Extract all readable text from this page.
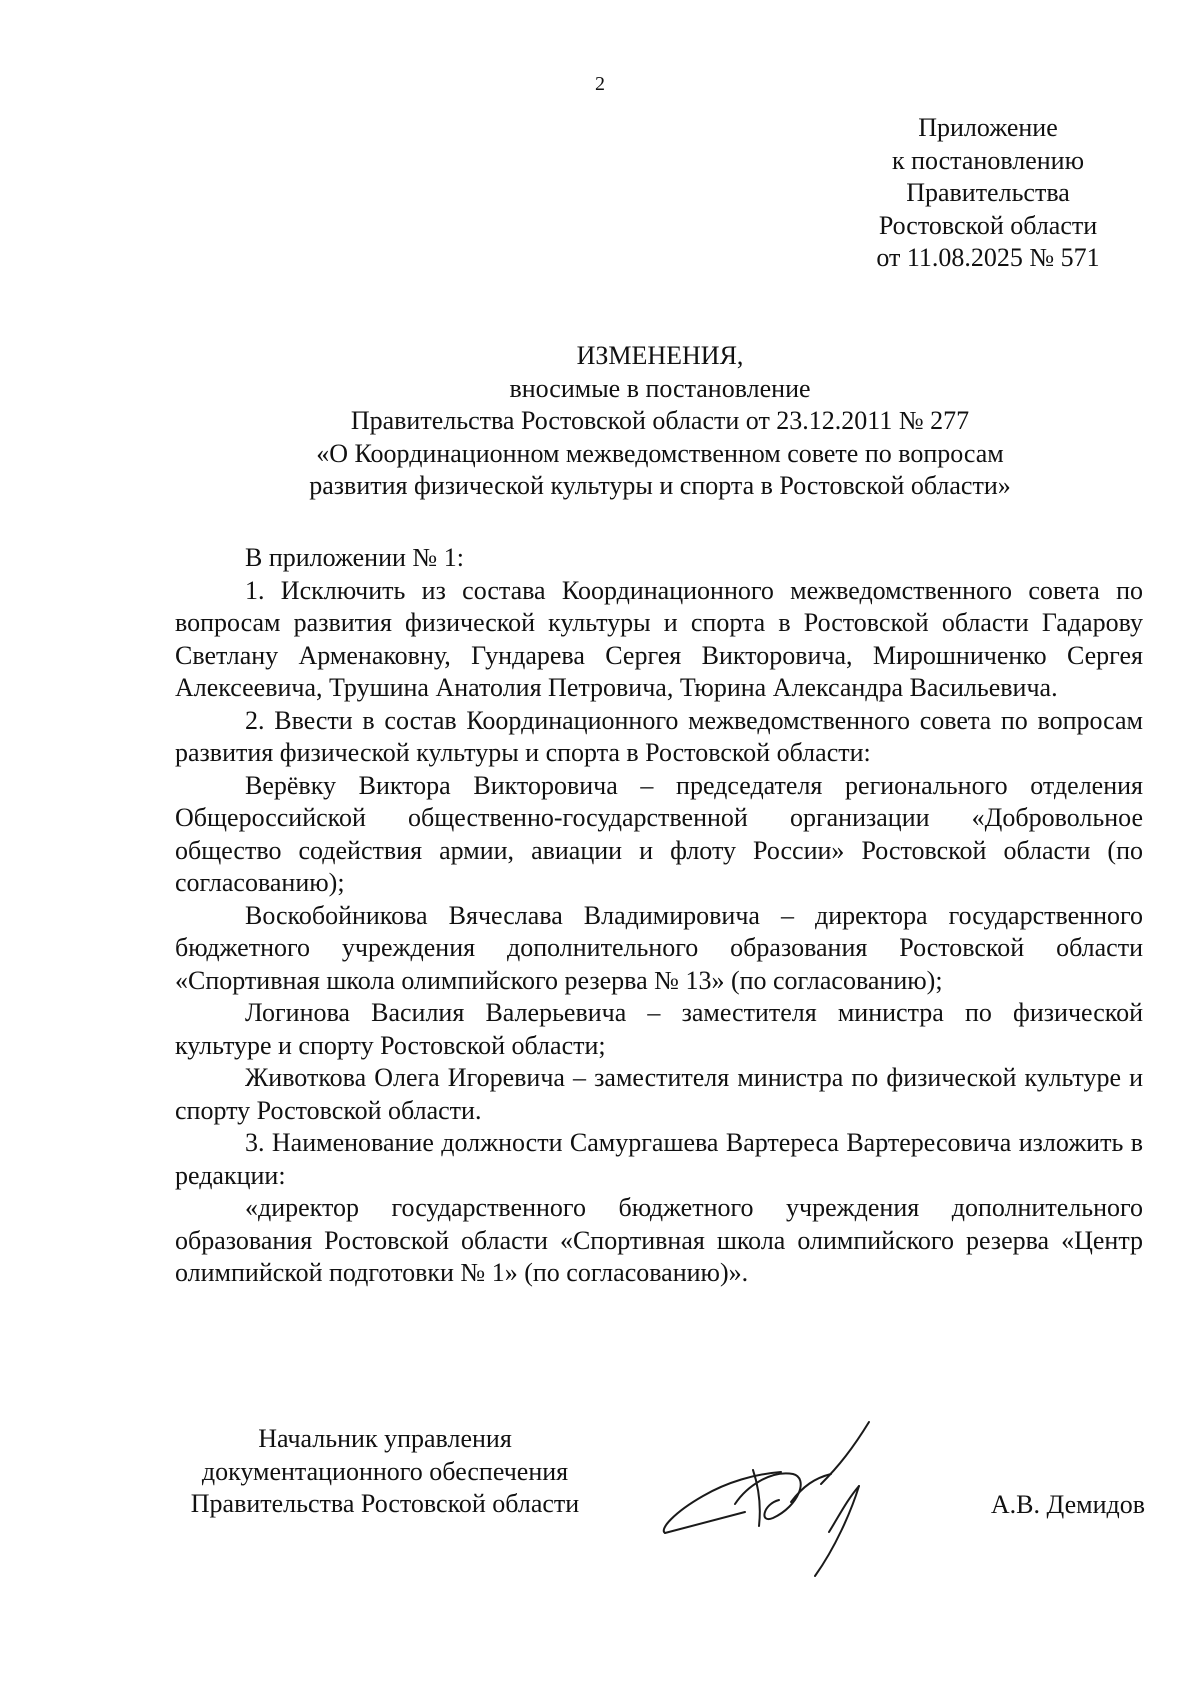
2
Приложение
к постановлению
Правительства
Ростовской области
от 11.08.2025 № 571
ИЗМЕНЕНИЯ,
вносимые в постановление
Правительства Ростовской области от 23.12.2011 № 277
«О Координационном межведомственном совете по вопросам
развития физической культуры и спорта в Ростовской области»

В приложении № 1:

1. Исключить из состава Координационного межведомственного совета по вопросам развития физической культуры и спорта в Ростовской области Гадарову Светлану Арменаковну, Гундарева Сергея Викторовича, Мирошниченко Сергея Алексеевича, Трушина Анатолия Петровича, Тюрина Александра Васильевича.

2. Ввести в состав Координационного межведомственного совета по вопросам развития физической культуры и спорта в Ростовской области:

Верёвку Виктора Викторовича – председателя регионального отделения Общероссийской общественно-государственной организации «Добровольное общество содействия армии, авиации и флоту России» Ростовской области (по согласованию);

Воскобойникова Вячеслава Владимировича – директора государственного бюджетного учреждения дополнительного образования Ростовской области «Спортивная школа олимпийского резерва № 13» (по согласованию);

Логинова Василия Валерьевича – заместителя министра по физической культуре и спорту Ростовской области;

Животкова Олега Игоревича – заместителя министра по физической культуре и спорту Ростовской области.

3. Наименование должности Самургашева Вартереса Вартересовича изложить в редакции:

«директор государственного бюджетного учреждения дополнительного образования Ростовской области «Спортивная школа олимпийского резерва «Центр олимпийской подготовки № 1» (по согласованию)».

Начальник управления
документационного обеспечения
Правительства Ростовской области	А.В. Демидов
